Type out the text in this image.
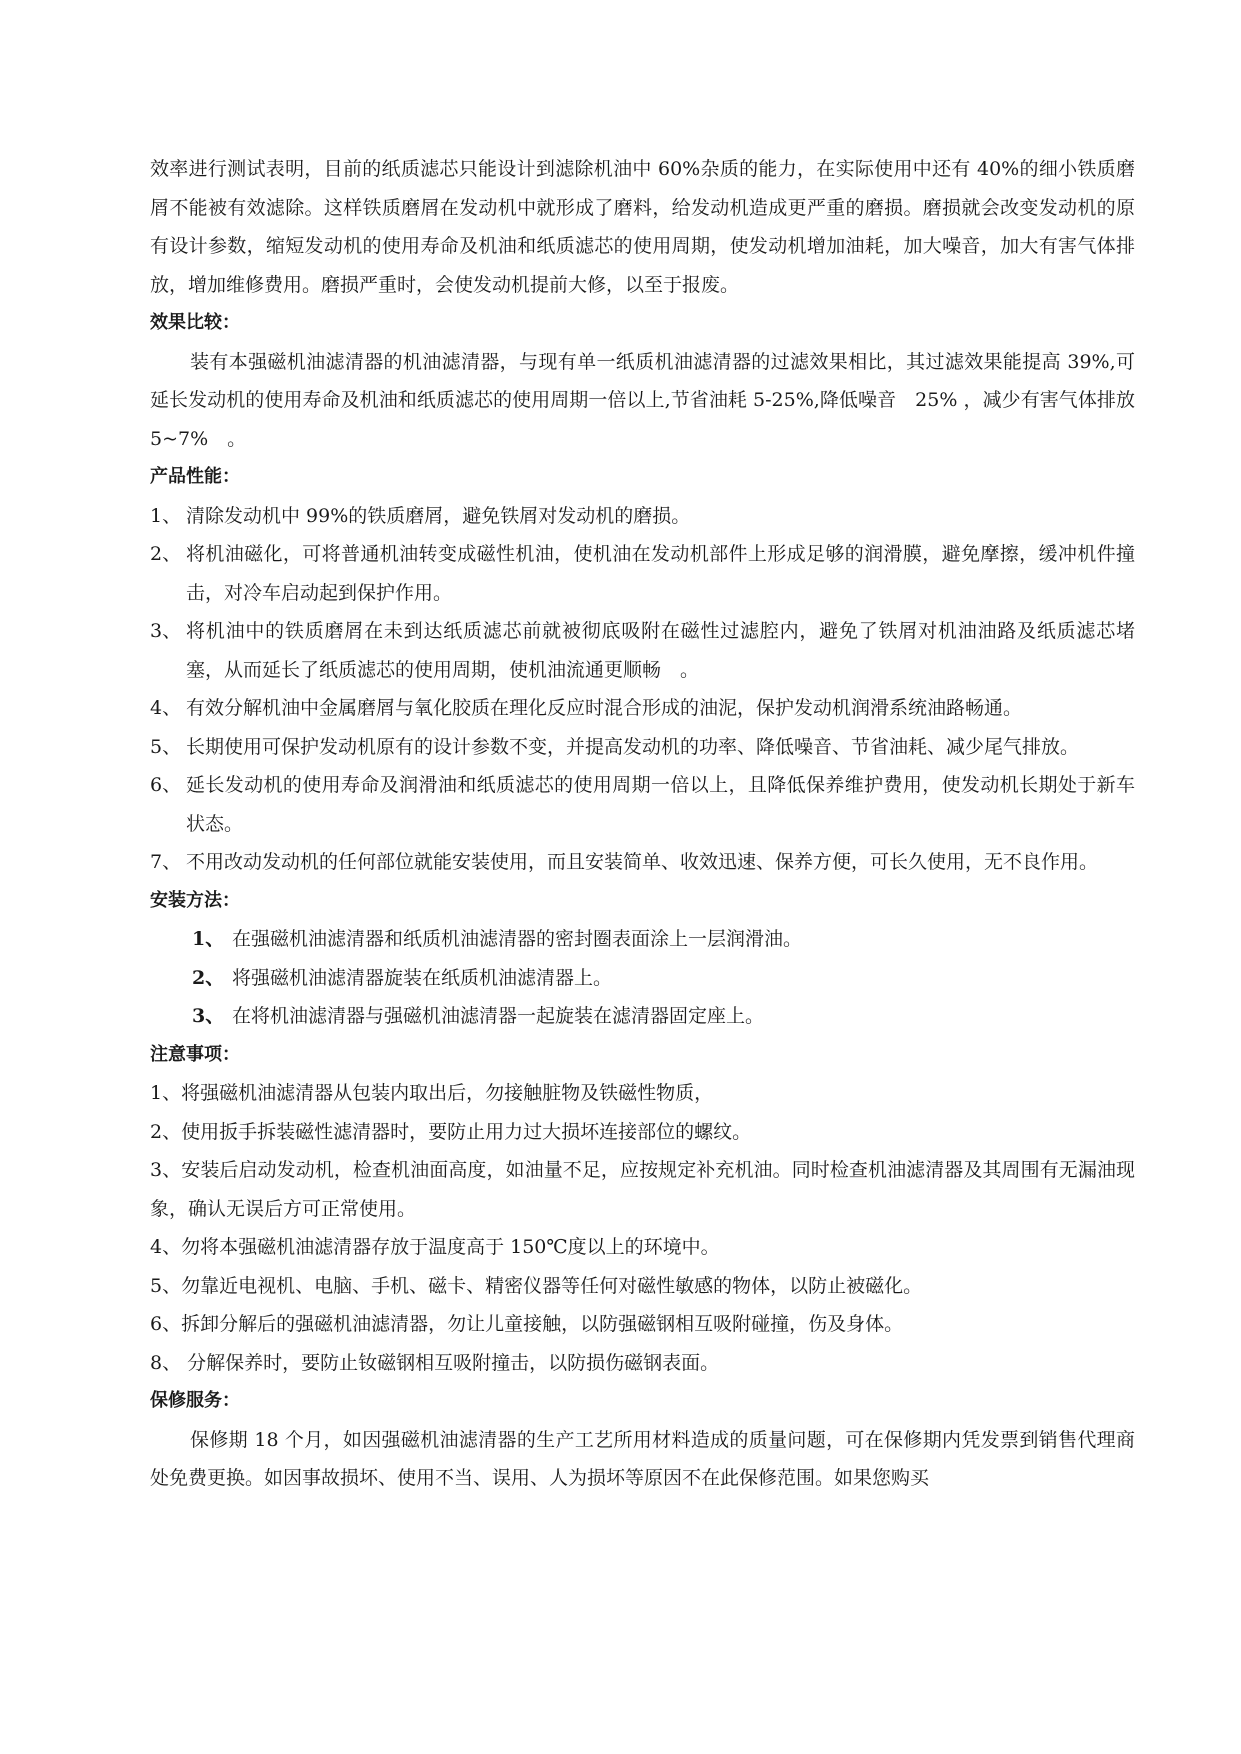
效率进行测试表明，目前的纸质滤芯只能设计到滤除机油中 60%杂质的能力，在实际使用中还有 40%的细小铁质磨屑不能被有效滤除。这样铁质磨屑在发动机中就形成了磨料，给发动机造成更严重的磨损。磨损就会改变发动机的原有设计参数，缩短发动机的使用寿命及机油和纸质滤芯的使用周期，使发动机增加油耗，加大噪音，加大有害气体排放，增加维修费用。磨损严重时，会使发动机提前大修，以至于报废。

效果比较：

装有本强磁机油滤清器的机油滤清器，与现有单一纸质机油滤清器的过滤效果相比，其过滤效果能提高 39%,可延长发动机的使用寿命及机油和纸质滤芯的使用周期一倍以上,节省油耗 5-25%,降低噪音　25% ，减少有害气体排放 5~7%　。

产品性能：

1、 清除发动机中 99%的铁质磨屑，避免铁屑对发动机的磨损。
2、 将机油磁化，可将普通机油转变成磁性机油，使机油在发动机部件上形成足够的润滑膜，避免摩擦，缓冲机件撞击，对冷车启动起到保护作用。
3、 将机油中的铁质磨屑在未到达纸质滤芯前就被彻底吸附在磁性过滤腔内，避免了铁屑对机油油路及纸质滤芯堵塞，从而延长了纸质滤芯的使用周期，使机油流通更顺畅　。
4、 有效分解机油中金属磨屑与氧化胶质在理化反应时混合形成的油泥，保护发动机润滑系统油路畅通。
5、 长期使用可保护发动机原有的设计参数不变，并提高发动机的功率、降低噪音、节省油耗、减少尾气排放。
6、 延长发动机的使用寿命及润滑油和纸质滤芯的使用周期一倍以上，且降低保养维护费用，使发动机长期处于新车状态。
7、 不用改动发动机的任何部位就能安装使用，而且安装简单、收效迅速、保养方便，可长久使用，无不良作用。

安装方法：

1、 在强磁机油滤清器和纸质机油滤清器的密封圈表面涂上一层润滑油。
2、 将强磁机油滤清器旋装在纸质机油滤清器上。
3、 在将机油滤清器与强磁机油滤清器一起旋装在滤清器固定座上。

注意事项：

1、将强磁机油滤清器从包装内取出后，勿接触脏物及铁磁性物质，

2、使用扳手拆装磁性滤清器时，要防止用力过大损坏连接部位的螺纹。

3、安装后启动发动机，检查机油面高度，如油量不足，应按规定补充机油。同时检查机油滤清器及其周围有无漏油现象，确认无误后方可正常使用。

4、勿将本强磁机油滤清器存放于温度高于 150℃度以上的环境中。

5、勿靠近电视机、电脑、手机、磁卡、精密仪器等任何对磁性敏感的物体，以防止被磁化。

6、拆卸分解后的强磁机油滤清器，勿让儿童接触，以防强磁钢相互吸附碰撞，伤及身体。

8、 分解保养时，要防止钕磁钢相互吸附撞击，以防损伤磁钢表面。

保修服务：

保修期 18 个月，如因强磁机油滤清器的生产工艺所用材料造成的质量问题，可在保修期内凭发票到销售代理商处免费更换。如因事故损坏、使用不当、误用、人为损坏等原因不在此保修范围。如果您购买
